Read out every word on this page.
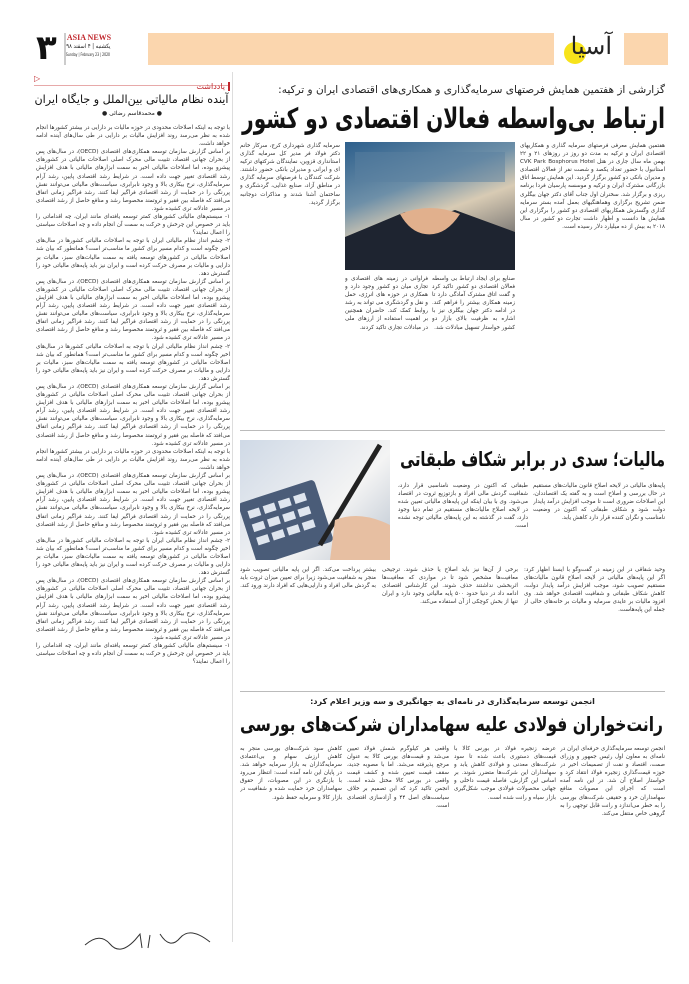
۳ ASIA NEWS
یکشنبه | ۴ اسفند ۹۸
Sunday | February 23 | 2020	آسیا
یادداشت
▷
آینده نظام مالیاتی بین‌الملل و جایگاه ایران
● محمدقاسم رضائی ●

با توجه به اینکه اصلاحات محدودی در حوزه مالیات بر دارایی در بیشتر کشورها انجام شده به نظر می‌رسد روند افزایش مالیات بر دارایی در طی سال‌های آینده ادامه خواهد داشت.

بر اساس گزارش سازمان توسعه همکاری‌های اقتصادی (OECD)، در سال‌های پس از بحران جهانی اقتصاد، تثبیت مالی محرک اصلی اصلاحات مالیاتی در کشورهای پیشرو بوده، اما اصلاحات مالیاتی اخیر به سمت ابزارهای مالیاتی با هدف افزایش رشد اقتصادی تغییر جهت داده است. در شرایط رشد اقتصادی پایین، رشد آرام سرمایه‌گذاری، نرخ بیکاری بالا و وجود نابرابری، سیاست‌های مالیاتی می‌توانند نقش پررنگی را در حمایت از رشد اقتصادی فراگیر ایفا کنند. رشد فراگیر زمانی اتفاق می‌افتد که فاصله بین فقیر و ثروتمند مخصوصا رشد و منافع حاصل از رشد اقتصادی در مسیر عادلانه تری کشیده شود.

۱- سیستم‌های مالیاتی کشورهای کمتر توسعه یافته‌ای مانند ایران، چه اقداماتی را باید در خصوص این چرخش و حرکت به سمت آن انجام داده و چه اصلاحات سیاستی را اعمال نمایند؟

۲- چشم انداز نظام مالیاتی ایران با توجه به اصلاحات مالیاتی کشورها در سال‌های اخیر چگونه است و کدام مسیر برای کشور ما مناسب‌تر است؟ همانطور که بیان شد اصلاحات مالیاتی در کشورهای توسعه یافته به سمت مالیات‌های سبز، مالیات بر دارایی و مالیات بر مصرف حرکت کرده است و ایران نیز باید پایه‌های مالیاتی خود را گسترش دهد.

بر اساس گزارش سازمان توسعه همکاری‌های اقتصادی (OECD)، در سال‌های پس از بحران جهانی اقتصاد، تثبیت مالی محرک اصلی اصلاحات مالیاتی در کشورهای پیشرو بوده، اما اصلاحات مالیاتی اخیر به سمت ابزارهای مالیاتی با هدف افزایش رشد اقتصادی تغییر جهت داده است. در شرایط رشد اقتصادی پایین، رشد آرام سرمایه‌گذاری، نرخ بیکاری بالا و وجود نابرابری، سیاست‌های مالیاتی می‌توانند نقش پررنگی را در حمایت از رشد اقتصادی فراگیر ایفا کنند. رشد فراگیر زمانی اتفاق می‌افتد که فاصله بین فقیر و ثروتمند مخصوصا رشد و منافع حاصل از رشد اقتصادی در مسیر عادلانه تری کشیده شود.

۲- چشم انداز نظام مالیاتی ایران با توجه به اصلاحات مالیاتی کشورها در سال‌های اخیر چگونه است و کدام مسیر برای کشور ما مناسب‌تر است؟ همانطور که بیان شد اصلاحات مالیاتی در کشورهای توسعه یافته به سمت مالیات‌های سبز، مالیات بر دارایی و مالیات بر مصرف حرکت کرده است و ایران نیز باید پایه‌های مالیاتی خود را گسترش دهد.

بر اساس گزارش سازمان توسعه همکاری‌های اقتصادی (OECD)، در سال‌های پس از بحران جهانی اقتصاد، تثبیت مالی محرک اصلی اصلاحات مالیاتی در کشورهای پیشرو بوده، اما اصلاحات مالیاتی اخیر به سمت ابزارهای مالیاتی با هدف افزایش رشد اقتصادی تغییر جهت داده است. در شرایط رشد اقتصادی پایین، رشد آرام سرمایه‌گذاری، نرخ بیکاری بالا و وجود نابرابری، سیاست‌های مالیاتی می‌توانند نقش پررنگی را در حمایت از رشد اقتصادی فراگیر ایفا کنند. رشد فراگیر زمانی اتفاق می‌افتد که فاصله بین فقیر و ثروتمند مخصوصا رشد و منافع حاصل از رشد اقتصادی در مسیر عادلانه تری کشیده شود.

با توجه به اینکه اصلاحات محدودی در حوزه مالیات بر دارایی در بیشتر کشورها انجام شده به نظر می‌رسد روند افزایش مالیات بر دارایی در طی سال‌های آینده ادامه خواهد داشت.

بر اساس گزارش سازمان توسعه همکاری‌های اقتصادی (OECD)، در سال‌های پس از بحران جهانی اقتصاد، تثبیت مالی محرک اصلی اصلاحات مالیاتی در کشورهای پیشرو بوده، اما اصلاحات مالیاتی اخیر به سمت ابزارهای مالیاتی با هدف افزایش رشد اقتصادی تغییر جهت داده است. در شرایط رشد اقتصادی پایین، رشد آرام سرمایه‌گذاری، نرخ بیکاری بالا و وجود نابرابری، سیاست‌های مالیاتی می‌توانند نقش پررنگی را در حمایت از رشد اقتصادی فراگیر ایفا کنند. رشد فراگیر زمانی اتفاق می‌افتد که فاصله بین فقیر و ثروتمند مخصوصا رشد و منافع حاصل از رشد اقتصادی در مسیر عادلانه تری کشیده شود.

۲- چشم انداز نظام مالیاتی ایران با توجه به اصلاحات مالیاتی کشورها در سال‌های اخیر چگونه است و کدام مسیر برای کشور ما مناسب‌تر است؟ همانطور که بیان شد اصلاحات مالیاتی در کشورهای توسعه یافته به سمت مالیات‌های سبز، مالیات بر دارایی و مالیات بر مصرف حرکت کرده است و ایران نیز باید پایه‌های مالیاتی خود را گسترش دهد.

بر اساس گزارش سازمان توسعه همکاری‌های اقتصادی (OECD)، در سال‌های پس از بحران جهانی اقتصاد، تثبیت مالی محرک اصلی اصلاحات مالیاتی در کشورهای پیشرو بوده، اما اصلاحات مالیاتی اخیر به سمت ابزارهای مالیاتی با هدف افزایش رشد اقتصادی تغییر جهت داده است. در شرایط رشد اقتصادی پایین، رشد آرام سرمایه‌گذاری، نرخ بیکاری بالا و وجود نابرابری، سیاست‌های مالیاتی می‌توانند نقش پررنگی را در حمایت از رشد اقتصادی فراگیر ایفا کنند. رشد فراگیر زمانی اتفاق می‌افتد که فاصله بین فقیر و ثروتمند مخصوصا رشد و منافع حاصل از رشد اقتصادی در مسیر عادلانه تری کشیده شود.

۱- سیستم‌های مالیاتی کشورهای کمتر توسعه یافته‌ای مانند ایران، چه اقداماتی را باید در خصوص این چرخش و حرکت به سمت آن انجام داده و چه اصلاحات سیاستی را اعمال نمایند؟

گزارشی از هفتمین همایش فرصتهای سرمایه‌گذاری و همکاری‌های اقتصادی ایران و ترکیه:
ارتباط بی‌واسطه فعالان اقتصادی دو کشور
هفتمین همایش معرفی فرصتهای سرمایه گذاری و همکاریهای اقتصادی ایران و ترکیه به مدت دو روز در روزهای ۲۱ و ۲۲ بهمن ماه سال جاری در هتل CVK Park Bosphorus Hotel استانبول با حضور تعداد یکصد و شصت نفر از فعالان اقتصادی و مدیران بانکی دو کشور برگزار گردید. این همایش توسط اتاق بازرگانی مشترک ایران و ترکیه و موسسه پارسیان فردا برنامه ریزی و برگزار شد. سخنران اول جناب آقای دکتر جهان بیگلری ضمن تشریح برگزاری وهماهنگیهای بعمل آمده بستر سرمایه گذاری وگسترش همکاریهای اقتصادی دو کشور را برگزاری این همایش ها دانست و اظهار داشت تجارت دو کشور در سال ۲۰۱۸ به بیش از ده میلیارد دلار رسیده است.
سرمایه گذاری شهرداری کرج، سرکار خانم دکتر فولاد فر مدیر کل سرمایه گذاری استانداری قزوین، نمایندگان شرکتهای ترکیه ای و ایرانی و مدیران بانکی حضور داشتند. شرکت کنندگان با فرصتهای سرمایه گذاری در مناطق آزاد، صنایع غذایی، گردشگری و ساختمان آشنا شدند و مذاکرات دوجانبه برگزار گردید.
صنایع برای ایجاد ارتباط بی واسطه فعالان اقتصادی دو کشور تاکید کرد و گفت اتاق مشترک آمادگی دارد تا زمینه همکاری بیشتر را فراهم کند. در ادامه دکتر جهان بیگلری نیز با اشاره به ظرفیت بالای بازار دو کشور خواستار تسهیل مبادلات شد.
فراوانی در زمینه های اقتصادی و تجاری میان دو کشور وجود دارد و همکاری در حوزه های انرژی، حمل و نقل و گردشگری می تواند به رشد روابط کمک کند. حاضران همچنین بر اهمیت استفاده از ارزهای ملی در مبادلات تجاری تاکید کردند.
مالیات؛ سدی در برابر شکاف طبقاتی
پایه‌های مالیاتی در لایحه اصلاح قانون مالیات‌های مستقیم در حال بررسی و اصلاح است و به گفته یک اقتصاددان، این اصلاحات ضروری است تا موجب افزایش درآمد پایدار دولت شود و شکاف طبقاتی که اکنون در وضعیت نامناسب و نگران کننده قرار دارد کاهش یابد.
طبقاتی که اکنون در وضعیت نامناسبی قرار دارد، شفافیت گردش مالی افراد و بازتوزیع ثروت در اقتصاد می‌شود. وی با بیان اینکه این پایه‌های مالیاتی تعیین شده در لایحه اصلاح مالیات‌های مستقیم در تمام دنیا وجود دارد، گفت در گذشته به این پایه‌های مالیاتی توجه نشده است.
وحید شقاقی در این زمینه در گفت‌وگو با ایسنا اظهار کرد: اگر این پایه‌های مالیاتی در لایحه اصلاح قانون مالیات‌های مستقیم تصویب شود، موجب افزایش درآمد پایدار دولت، کاهش شکاف طبقاتی و شفافیت اقتصادی خواهد شد. وی افزود مالیات بر عایدی سرمایه و مالیات بر خانه‌های خالی از جمله این پایه‌هاست.
برخی از آن‌ها نیز باید اصلاح یا حذف شوند. ترجیحی معافیت‌ها مشخص شود تا در مواردی که معافیت‌ها اثربخشی نداشتند حذف شوند. این کارشناس اقتصادی ادامه داد در دنیا حدود ۵۰۰ پایه مالیاتی وجود دارد و ایران تنها از بخش کوچکی از آن استفاده می‌کند.
بیشتر پرداخت می‌کند. اگر این پایه مالیاتی تصویب شود منجر به شفافیت می‌شود زیرا برای تعیین میزان ثروت باید به گردش مالی افراد و دارایی‌هایی که افراد دارند ورود کند.
انجمن توسعه سرمایه‌گذاری در نامه‌ای به جهانگیری و سه وزیر اعلام کرد:
رانت‌خواران فولادی علیه سهامداران شرکت‌های بورسی
انجمن توسعه سرمایه‌گذاری حرفه‌ای ایران در نامه‌ای به معاون اول رئیس جمهور و وزرای صمت، اقتصاد و نفت از تصمیمات اخیر در حوزه قیمت‌گذاری زنجیره فولاد انتقاد کرد و خواستار اصلاح آن شد. در این نامه آمده است که اجرای این مصوبات منافع سهامداران خرد و حقیقی شرکت‌های بورسی را به خطر می‌اندازد و رانت قابل توجهی را به گروهی خاص منتقل می‌کند.
عرضه زنجیره فولاد در بورس کالا با قیمت‌های دستوری باعث شده تا سود شرکت‌های معدنی و فولادی کاهش یابد و سهامداران این شرکت‌ها متضرر شوند. بر اساس این گزارش، فاصله قیمت داخلی و جهانی محصولات فولادی موجب شکل‌گیری بازار سیاه و رانت شده است.
واقعی هر کیلوگرم شمش فولاد تعیین می‌شد و قیمت‌های بورس کالا به عنوان مرجع پذیرفته می‌شد. اما با مصوبه جدید، سقف قیمت تعیین شده و کشف قیمت واقعی در بورس کالا مختل شده است. انجمن تاکید کرد که این تصمیم بر خلاف سیاست‌های اصل ۴۴ و آزادسازی اقتصادی است.
کاهش سود شرکت‌های بورسی منجر به کاهش ارزش سهام و بی‌اعتمادی سرمایه‌گذاران به بازار سرمایه خواهد شد. در پایان این نامه آمده است: انتظار می‌رود با بازنگری در این مصوبات، از حقوق سهامداران خرد حمایت شده و شفافیت در بازار کالا و سرمایه حفظ شود.
